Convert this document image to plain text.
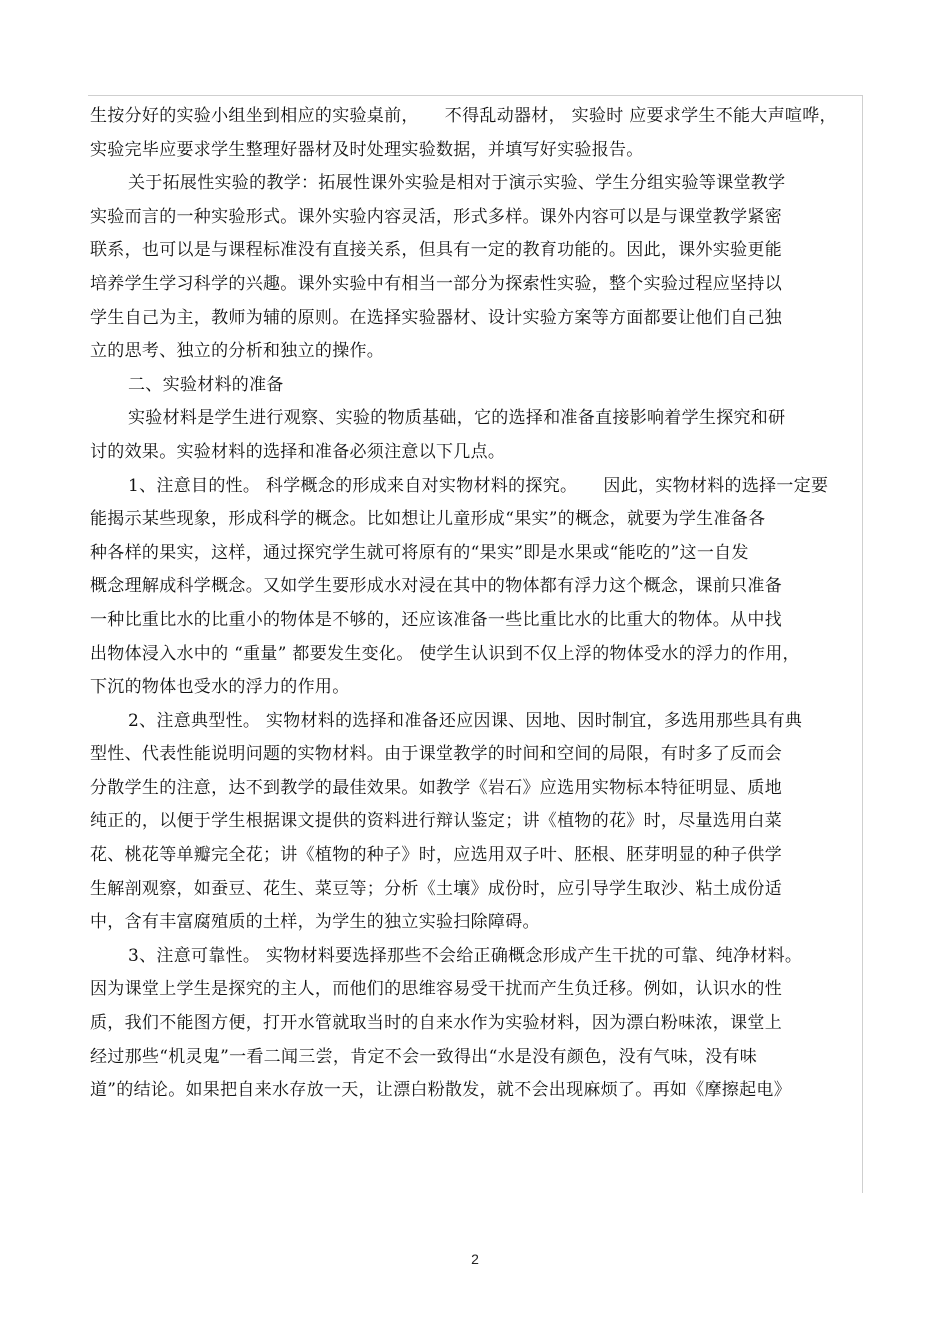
生按分好的实验小组坐到相应的实验桌前，　　不得乱动器材， 实验时 应要求学生不能大声喧哗，
实验完毕应要求学生整理好器材及时处理实验数据，并填写好实验报告。
关于拓展性实验的教学：拓展性课外实验是相对于演示实验、学生分组实验等课堂教学
实验而言的一种实验形式。课外实验内容灵活，形式多样。课外内容可以是与课堂教学紧密
联系，也可以是与课程标准没有直接关系，但具有一定的教育功能的。因此，课外实验更能
培养学生学习科学的兴趣。课外实验中有相当一部分为探索性实验，整个实验过程应坚持以
学生自己为主，教师为辅的原则。在选择实验器材、设计实验方案等方面都要让他们自己独
立的思考、独立的分析和独立的操作。
二、实验材料的准备
实验材料是学生进行观察、实验的物质基础，它的选择和准备直接影响着学生探究和研
讨的效果。实验材料的选择和准备必须注意以下几点。
1、注意目的性。 科学概念的形成来自对实物材料的探究。　　因此，实物材料的选择一定要
能揭示某些现象，形成科学的概念。比如想让儿童形成“果实”的概念，就要为学生准备各
种各样的果实，这样，通过探究学生就可将原有的“果实”即是水果或“能吃的”这一自发
概念理解成科学概念。又如学生要形成水对浸在其中的物体都有浮力这个概念，课前只准备
一种比重比水的比重小的物体是不够的，还应该准备一些比重比水的比重大的物体。从中找
出物体浸入水中的 “重量” 都要发生变化。 使学生认识到不仅上浮的物体受水的浮力的作用，
下沉的物体也受水的浮力的作用。
2、注意典型性。 实物材料的选择和准备还应因课、因地、因时制宜，多选用那些具有典
型性、代表性能说明问题的实物材料。由于课堂教学的时间和空间的局限，有时多了反而会
分散学生的注意，达不到教学的最佳效果。如教学《岩石》应选用实物标本特征明显、质地
纯正的，以便于学生根据课文提供的资料进行辩认鉴定；讲《植物的花》时，尽量选用白菜
花、桃花等单瓣完全花；讲《植物的种子》时，应选用双子叶、胚根、胚芽明显的种子供学
生解剖观察，如蚕豆、花生、菜豆等；分析《土壤》成份时，应引导学生取沙、粘土成份适
中，含有丰富腐殖质的土样，为学生的独立实验扫除障碍。
3、注意可靠性。 实物材料要选择那些不会给正确概念形成产生干扰的可靠、纯净材料。
因为课堂上学生是探究的主人，而他们的思维容易受干扰而产生负迁移。例如，认识水的性
质，我们不能图方便，打开水管就取当时的自来水作为实验材料，因为漂白粉味浓，课堂上
经过那些“机灵鬼”一看二闻三尝，肯定不会一致得出“水是没有颜色，没有气味，没有味
道”的结论。如果把自来水存放一天，让漂白粉散发，就不会出现麻烦了。再如《摩擦起电》
2
